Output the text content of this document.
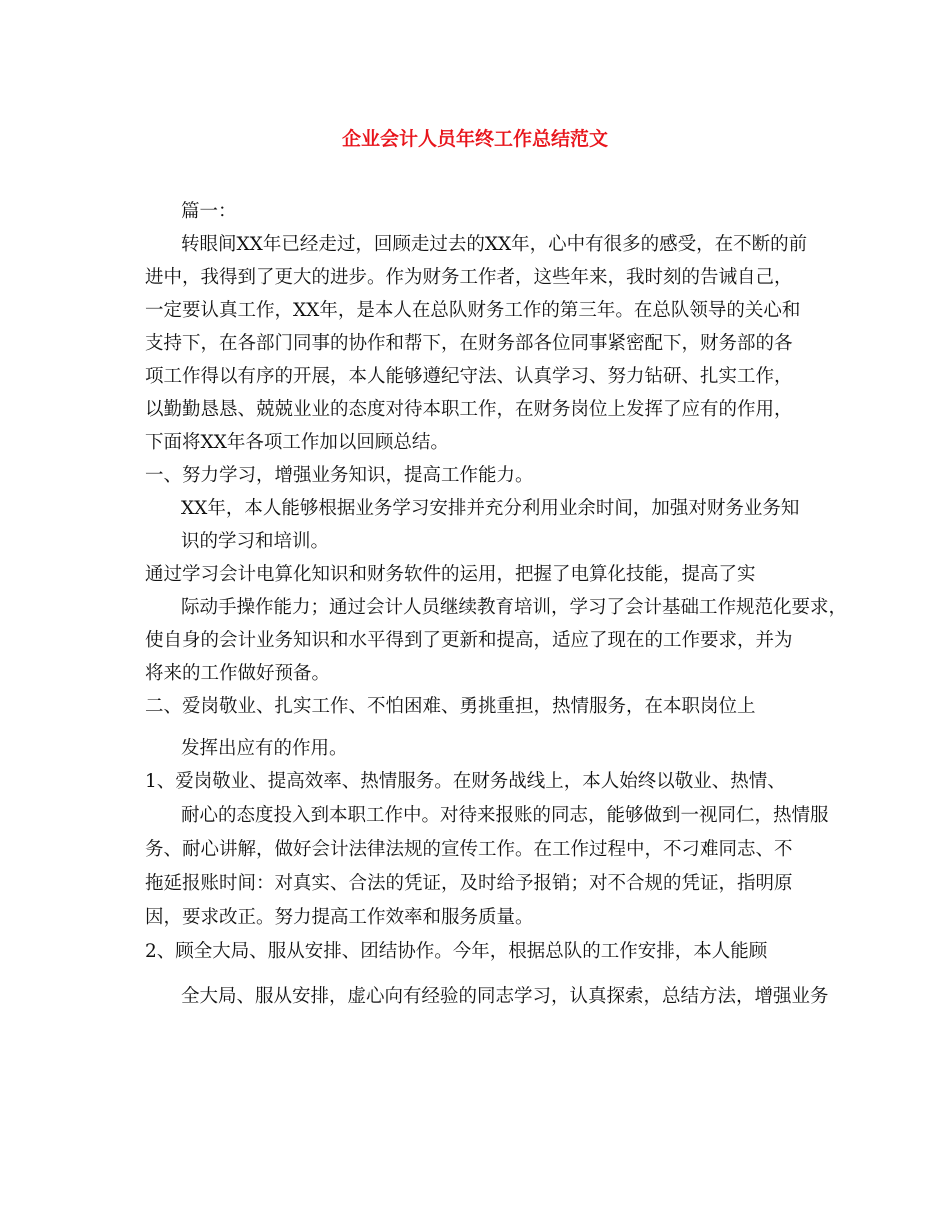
企业会计人员年终工作总结范文
篇一：
转眼间XX年已经走过，回顾走过去的XX年，心中有很多的感受，在不断的前
进中，我得到了更大的进步。作为财务工作者，这些年来，我时刻的告诫自己，
一定要认真工作，XX年，是本人在总队财务工作的第三年。在总队领导的关心和
支持下，在各部门同事的协作和帮下，在财务部各位同事紧密配下，财务部的各
项工作得以有序的开展，本人能够遵纪守法、认真学习、努力钻研、扎实工作，
以勤勤恳恳、兢兢业业的态度对待本职工作，在财务岗位上发挥了应有的作用，
下面将XX年各项工作加以回顾总结。
一、努力学习，增强业务知识，提高工作能力。
XX年，本人能够根据业务学习安排并充分利用业余时间，加强对财务业务知
识的学习和培训。
通过学习会计电算化知识和财务软件的运用，把握了电算化技能，提高了实
际动手操作能力；通过会计人员继续教育培训，学习了会计基础工作规范化要求，
使自身的会计业务知识和水平得到了更新和提高，适应了现在的工作要求，并为
将来的工作做好预备。
二、爱岗敬业、扎实工作、不怕困难、勇挑重担，热情服务，在本职岗位上
发挥出应有的作用。
1、爱岗敬业、提高效率、热情服务。在财务战线上，本人始终以敬业、热情、
耐心的态度投入到本职工作中。对待来报账的同志，能够做到一视同仁，热情服
务、耐心讲解，做好会计法律法规的宣传工作。在工作过程中，不刁难同志、不
拖延报账时间：对真实、合法的凭证，及时给予报销；对不合规的凭证，指明原
因，要求改正。努力提高工作效率和服务质量。
2、顾全大局、服从安排、团结协作。今年，根据总队的工作安排，本人能顾
全大局、服从安排，虚心向有经验的同志学习，认真探索，总结方法，增强业务
